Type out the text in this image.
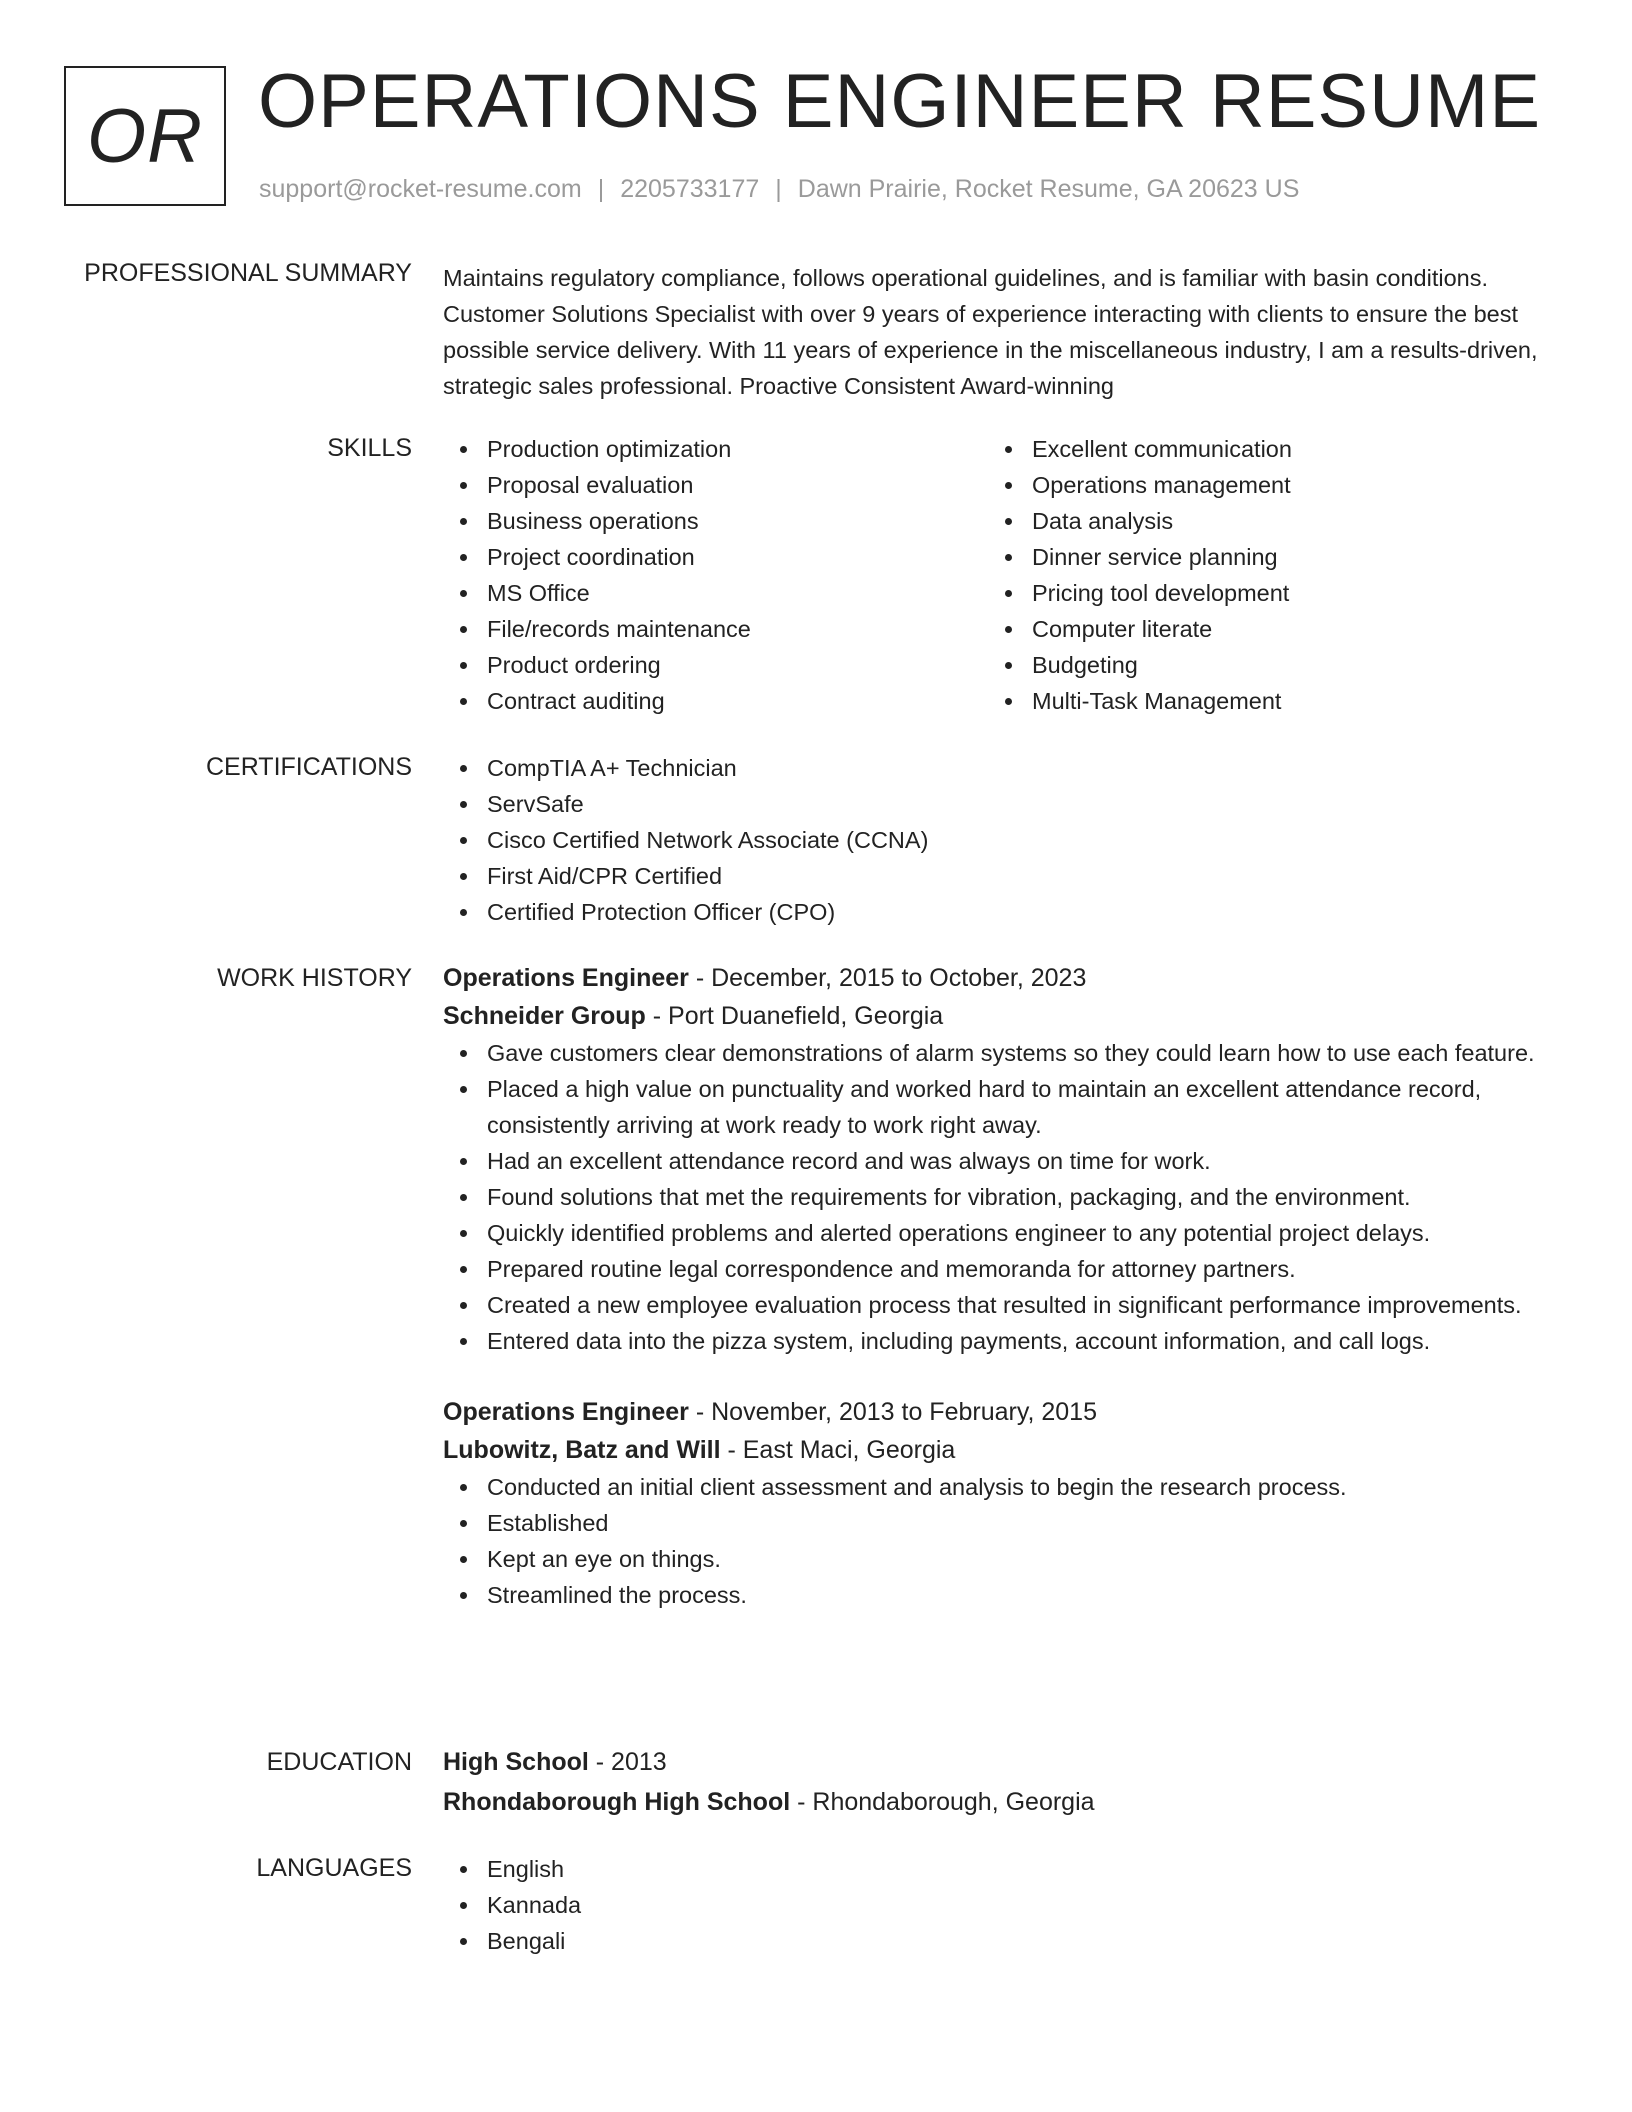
OR OPERATIONS ENGINEER RESUME
support@rocket-resume.com | 2205733177 | Dawn Prairie, Rocket Resume, GA 20623 US
PROFESSIONAL SUMMARY Maintains regulatory compliance, follows operational guidelines, and is familiar with basin conditions. Customer Solutions Specialist with over 9 years of experience interacting with clients to ensure the best possible service delivery. With 11 years of experience in the miscellaneous industry, I am a results-driven, strategic sales professional. Proactive Consistent Award-winning

SKILLS	Production optimization
Proposal evaluation
Business operations
Project coordination
MS Office
File/records maintenance
Product ordering
Contract auditing
Excellent communication
Operations management
Data analysis
Dinner service planning
Pricing tool development
Computer literate
Budgeting
Multi-Task Management
CERTIFICATIONS	CompTIA A+ Technician
ServSafe
Cisco Certified Network Associate (CCNA)
First Aid/CPR Certified
Certified Protection Officer (CPO)
WORK HISTORY Operations Engineer - December, 2015 to October, 2023
Schneider Group - Port Duanefield, Georgia
Gave customers clear demonstrations of alarm systems so they could learn how to use each feature.
Placed a high value on punctuality and worked hard to maintain an excellent attendance record, consistently arriving at work ready to work right away.
Had an excellent attendance record and was always on time for work.
Found solutions that met the requirements for vibration, packaging, and the environment.
Quickly identified problems and alerted operations engineer to any potential project delays.
Prepared routine legal correspondence and memoranda for attorney partners.
Created a new employee evaluation process that resulted in significant performance improvements.
Entered data into the pizza system, including payments, account information, and call logs.
Operations Engineer - November, 2013 to February, 2015
Lubowitz, Batz and Will - East Maci, Georgia
Conducted an initial client assessment and analysis to begin the research process.
Established
Kept an eye on things.
Streamlined the process.
EDUCATION High School - 2013
Rhondaborough High School - Rhondaborough, Georgia
LANGUAGES	English
Kannada
Bengali
